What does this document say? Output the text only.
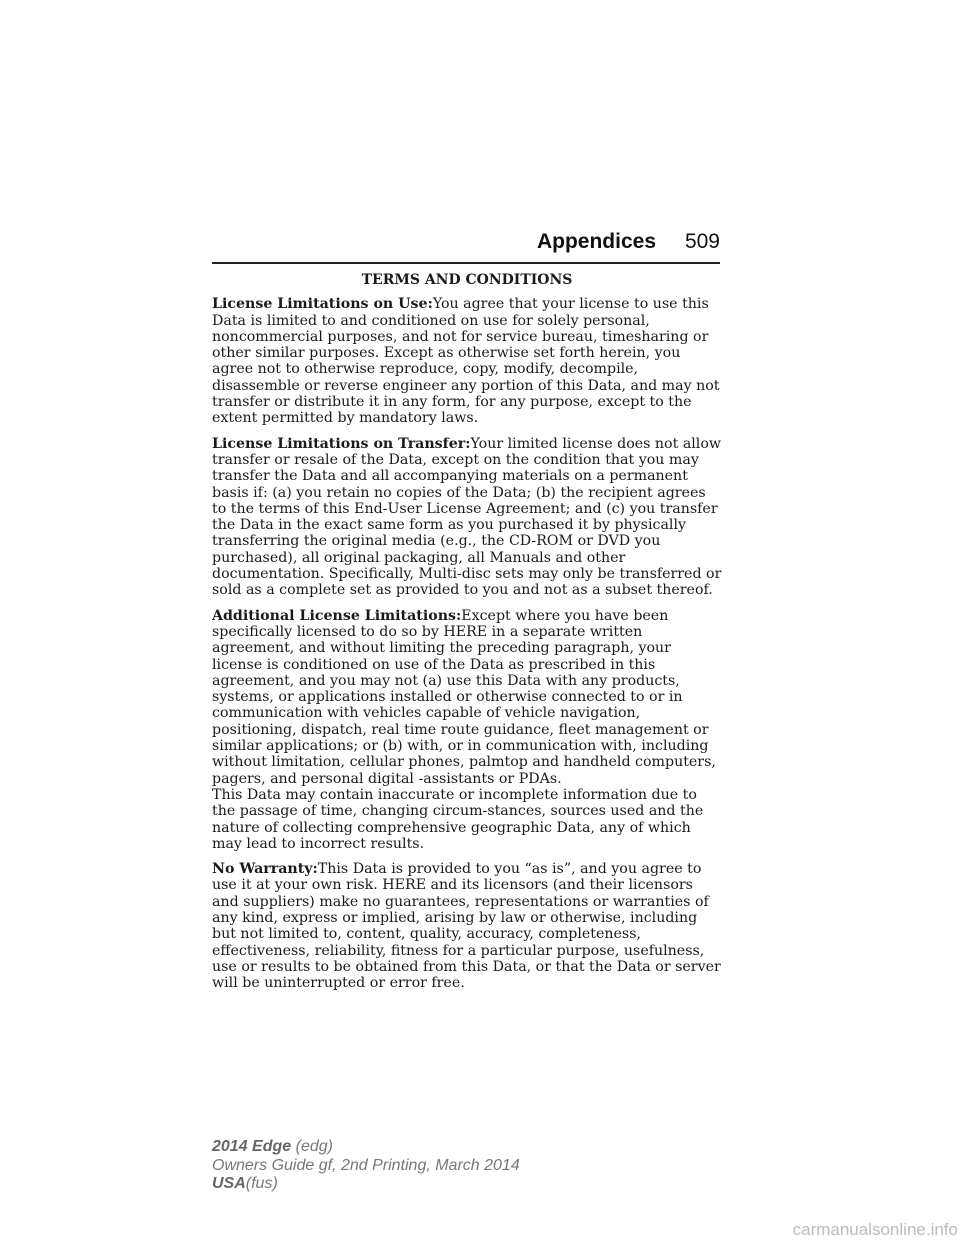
Appendices 509
TERMS AND CONDITIONS

License Limitations on Use:You agree that your license to use this Data is limited to and conditioned on use for solely personal, noncommercial purposes, and not for service bureau, timesharing or other similar purposes. Except as otherwise set forth herein, you agree not to otherwise reproduce, copy, modify, decompile, disassemble or reverse engineer any portion of this Data, and may not transfer or distribute it in any form, for any purpose, except to the extent permitted by mandatory laws.

License Limitations on Transfer:Your limited license does not allow transfer or resale of the Data, except on the condition that you may transfer the Data and all accompanying materials on a permanent basis if: (a) you retain no copies of the Data; (b) the recipient agrees to the terms of this End-User License Agreement; and (c) you transfer the Data in the exact same form as you purchased it by physically transferring the original media (e.g., the CD-ROM or DVD you purchased), all original packaging, all Manuals and other documentation. Specifically, Multi-disc sets may only be transferred or sold as a complete set as provided to you and not as a subset thereof.

Additional License Limitations:Except where you have been specifically licensed to do so by HERE in a separate written agreement, and without limiting the preceding paragraph, your license is conditioned on use of the Data as prescribed in this agreement, and you may not (a) use this Data with any products, systems, or applications installed or otherwise connected to or in communication with vehicles capable of vehicle navigation, positioning, dispatch, real time route guidance, fleet management or similar applications; or (b) with, or in communication with, including without limitation, cellular phones, palmtop and handheld computers, pagers, and personal digital -assistants or PDAs.

This Data may contain inaccurate or incomplete information due to the passage of time, changing circum-stances, sources used and the nature of collecting comprehensive geographic Data, any of which may lead to incorrect results.

No Warranty:This Data is provided to you “as is”, and you agree to use it at your own risk. HERE and its licensors (and their licensors and suppliers) make no guarantees, representations or warranties of any kind, express or implied, arising by law or otherwise, including but not limited to, content, quality, accuracy, completeness, effectiveness, reliability, fitness for a particular purpose, usefulness, use or results to be obtained from this Data, or that the Data or server will be uninterrupted or error free.

2014 Edge (edg)
Owners Guide gf, 2nd Printing, March 2014
USA(fus)
carmanualsonline.info
